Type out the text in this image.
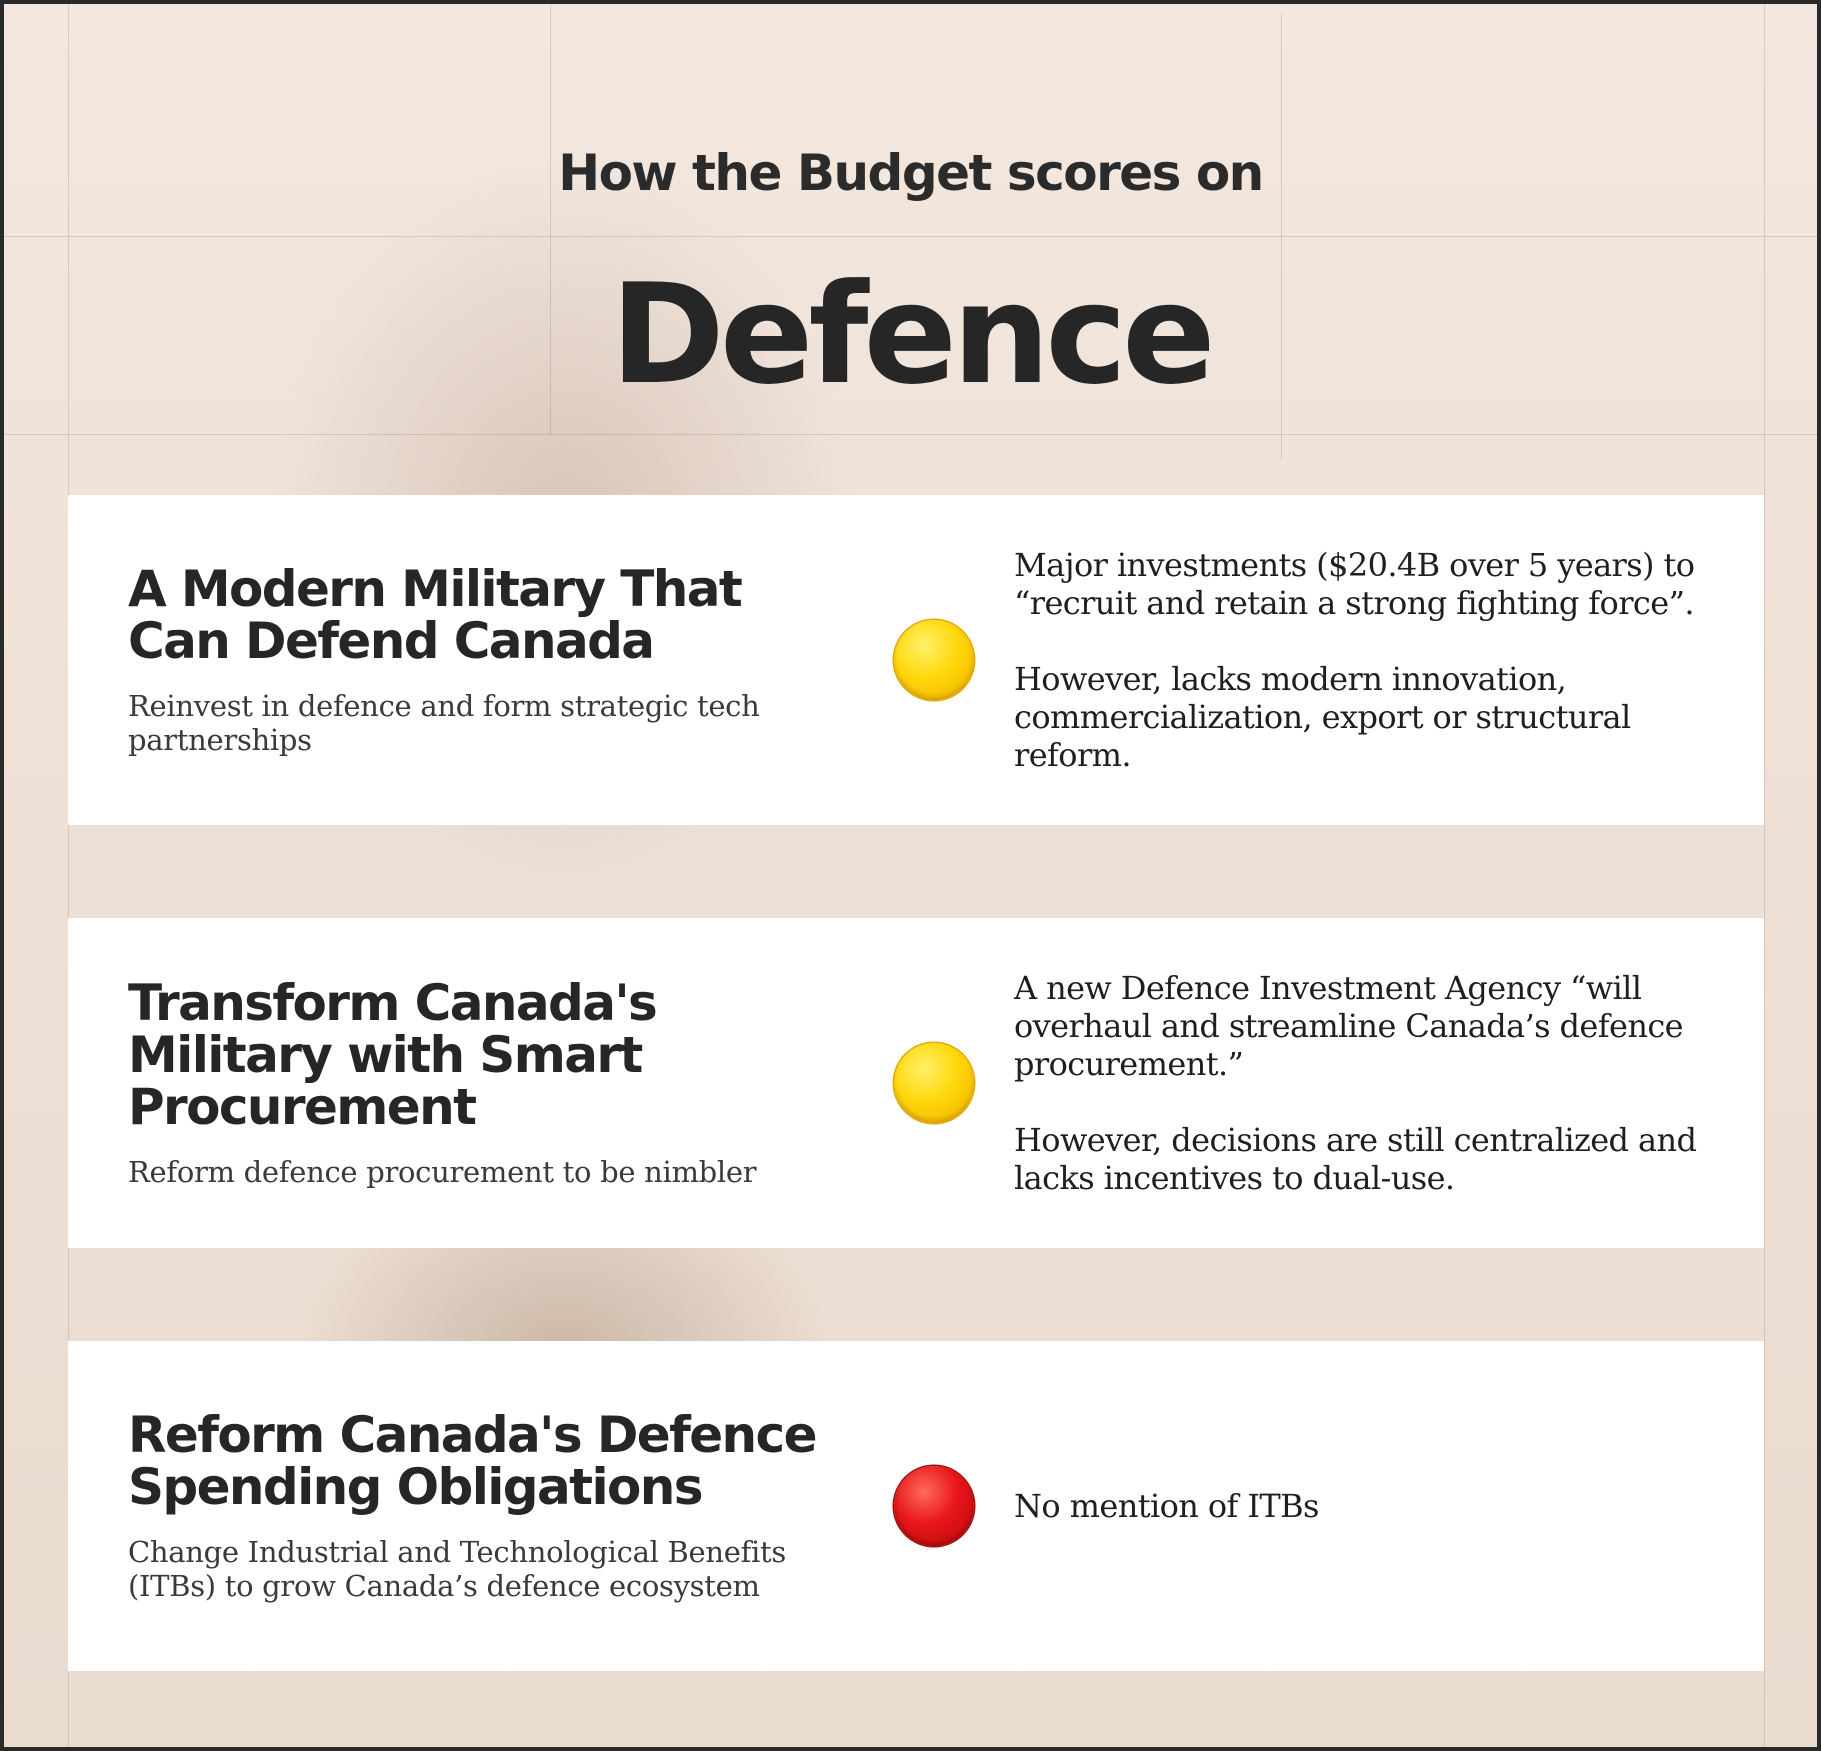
How the Budget scores on
Defence
A Modern Military That Can Defend Canada

Reinvest in defence and form strategic tech partnerships

Major investments ($20.4B over 5 years) to “recruit and retain a strong fighting force”.

However, lacks modern innovation, commercialization, export or structural reform.

Transform Canada's Military with Smart Procurement

Reform defence procurement to be nimbler

A new Defence Investment Agency “will overhaul and streamline Canada’s defence procurement.”

However, decisions are still centralized and lacks incentives to dual-use.

Reform Canada's Defence Spending Obligations

Change Industrial and Technological Benefits (ITBs) to grow Canada’s defence ecosystem

No mention of ITBs
